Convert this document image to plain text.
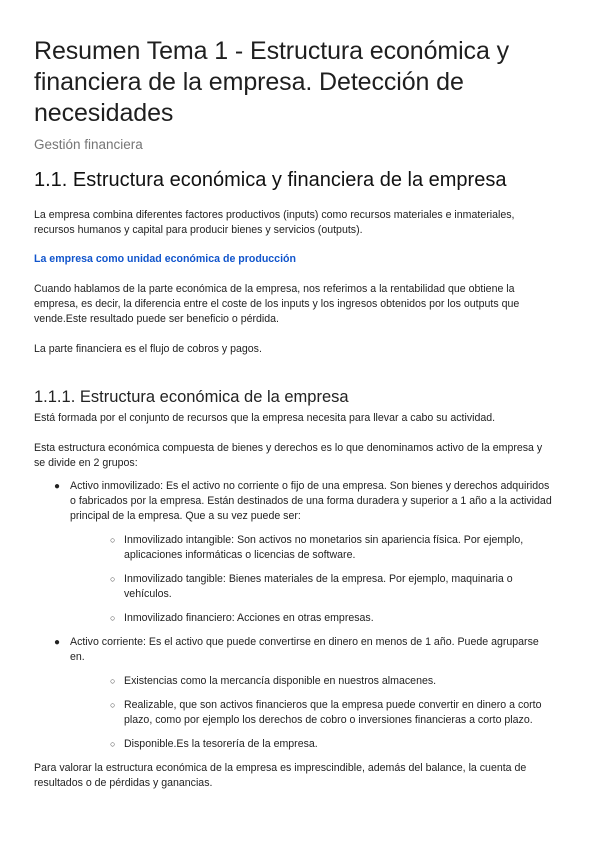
Resumen Tema 1 - Estructura económica y financiera de la empresa. Detección de necesidades
Gestión financiera
1.1. Estructura económica y financiera de la empresa

La empresa combina diferentes factores productivos (inputs) como recursos materiales e inmateriales, recursos humanos y capital para producir bienes y servicios (outputs).

La empresa como unidad económica de producción

Cuando hablamos de la parte económica de la empresa, nos referimos a la rentabilidad que obtiene la empresa, es decir, la diferencia entre el coste de los inputs y los ingresos obtenidos por los outputs que vende.Este resultado puede ser beneficio o pérdida.

La parte financiera es el flujo de cobros y pagos.

1.1.1. Estructura económica de la empresa

Está formada por el conjunto de recursos que la empresa necesita para llevar a cabo su actividad.

Esta estructura económica compuesta de bienes y derechos es lo que denominamos activo de la empresa y se divide en 2 grupos:

● Activo inmovilizado: Es el activo no corriente o fijo de una empresa. Son bienes y derechos adquiridos o fabricados por la empresa. Están destinados de una forma duradera y superior a 1 año a la actividad principal de la empresa. Que a su vez puede ser:

○ Inmovilizado intangible: Son activos no monetarios sin apariencia física. Por ejemplo, aplicaciones informáticas o licencias de software.

○ Inmovilizado tangible: Bienes materiales de la empresa. Por ejemplo, maquinaria o vehículos.

○ Inmovilizado financiero: Acciones en otras empresas.

● Activo corriente: Es el activo que puede convertirse en dinero en menos de 1 año. Puede agruparse en.

○ Existencias como la mercancía disponible en nuestros almacenes.

○ Realizable, que son activos financieros que la empresa puede convertir en dinero a corto plazo, como por ejemplo los derechos de cobro o inversiones financieras a corto plazo.

○ Disponible.Es la tesorería de la empresa.

Para valorar la estructura económica de la empresa es imprescindible, además del balance, la cuenta de resultados o de pérdidas y ganancias.
